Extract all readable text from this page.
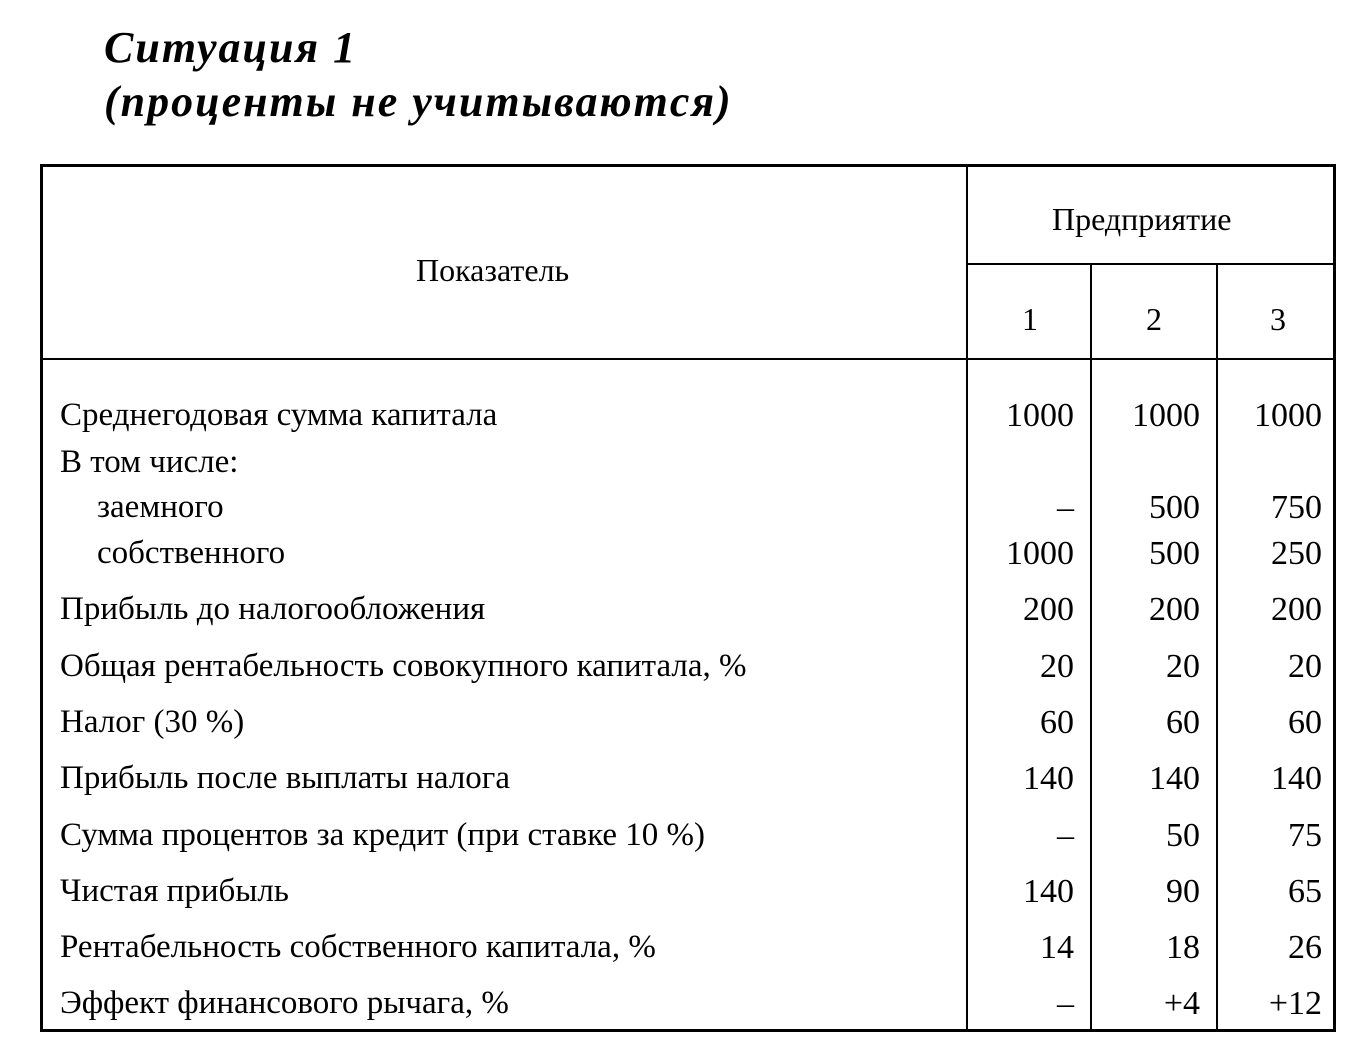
Ситуация 1
(проценты не учитываются)
Показатель
Предприятие
1	2	3
Среднегодовая сумма капитала	1000 1000 1000
В том числе:
заемного	– 500 750
собственного	1000 500 250
Прибыль до налогообложения	200 200 200
Общая рентабельность совокупного капитала, %	20	20	20
Налог (30 %)	60	60	60
Прибыль после выплаты налога	140 140 140
Сумма процентов за кредит (при ставке 10 %)	–	50	75
Чистая прибыль	140	90	65
Рентабельность собственного капитала, %	14	18	26
Эффект финансового рычага, %	–	+4 +12
